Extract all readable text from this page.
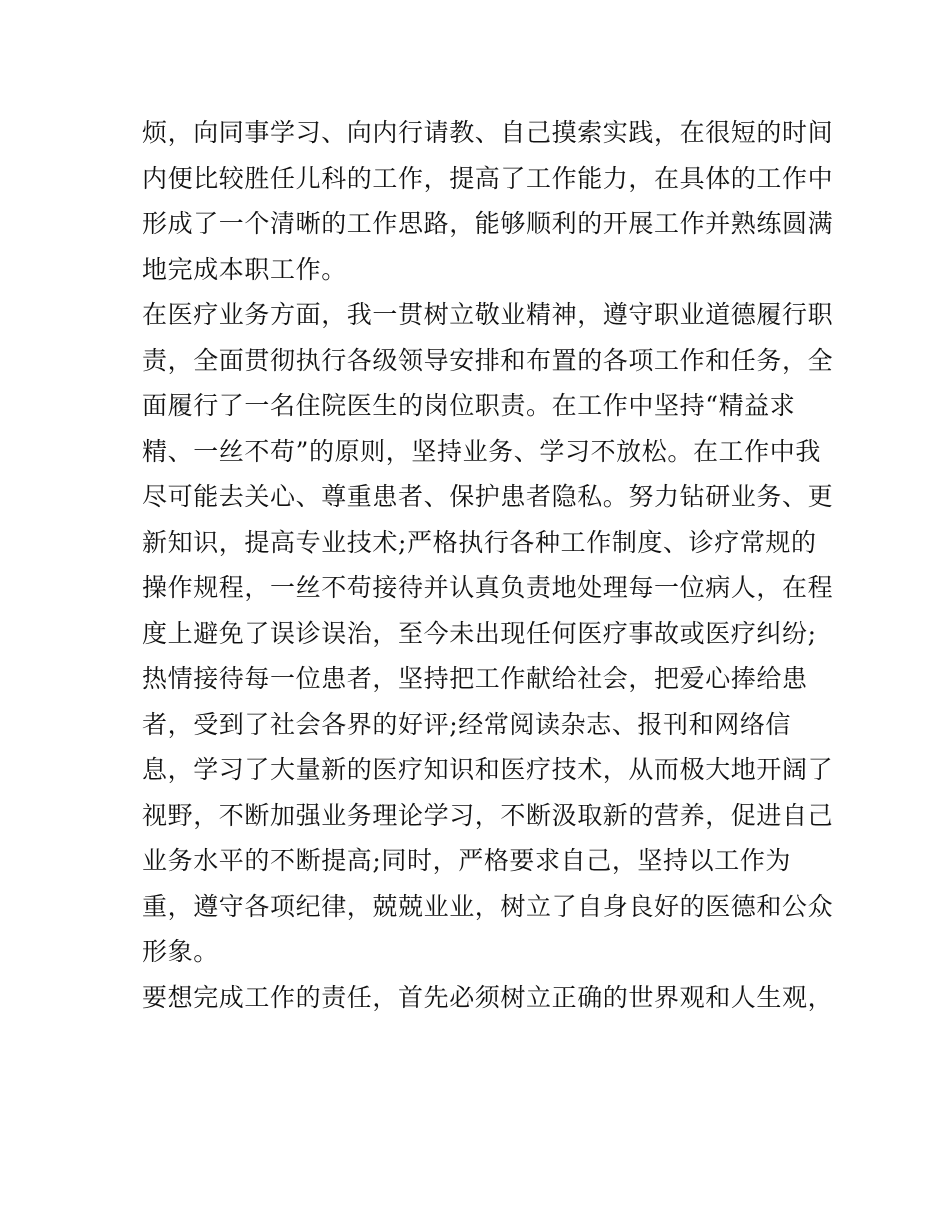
烦，向同事学习、向内行请教、自己摸索实践，在很短的时间
内便比较胜任儿科的工作，提高了工作能力，在具体的工作中
形成了一个清晰的工作思路，能够顺利的开展工作并熟练圆满
地完成本职工作。
在医疗业务方面，我一贯树立敬业精神，遵守职业道德履行职
责，全面贯彻执行各级领导安排和布置的各项工作和任务，全
面履行了一名住院医生的岗位职责。在工作中坚持“精益求
精、一丝不苟”的原则，坚持业务、学习不放松。在工作中我
尽可能去关心、尊重患者、保护患者隐私。努力钻研业务、更
新知识，提高专业技术;严格执行各种工作制度、诊疗常规的
操作规程，一丝不苟接待并认真负责地处理每一位病人，在程
度上避免了误诊误治，至今未出现任何医疗事故或医疗纠纷;
热情接待每一位患者，坚持把工作献给社会，把爱心捧给患
者，受到了社会各界的好评;经常阅读杂志、报刊和网络信
息，学习了大量新的医疗知识和医疗技术，从而极大地开阔了
视野，不断加强业务理论学习，不断汲取新的营养，促进自己
业务水平的不断提高;同时，严格要求自己，坚持以工作为
重，遵守各项纪律，兢兢业业，树立了自身良好的医德和公众
形象。
要想完成工作的责任，首先必须树立正确的世界观和人生观，
